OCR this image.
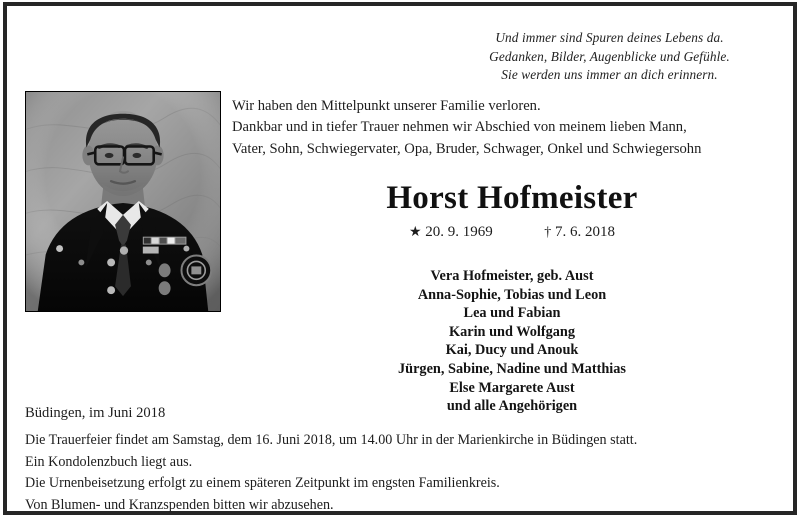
Und immer sind Spuren deines Lebens da.
Gedanken, Bilder, Augenblicke und Gefühle.
Sie werden uns immer an dich erinnern.
Wir haben den Mittelpunkt unserer Familie verloren.
Dankbar und in tiefer Trauer nehmen wir Abschied von meinem lieben Mann,
Vater, Sohn, Schwiegervater, Opa, Bruder, Schwager, Onkel und Schwiegersohn
Horst Hofmeister
★ 20. 9. 1969	† 7. 6. 2018
Vera Hofmeister, geb. Aust
Anna-Sophie, Tobias und Leon
Lea und Fabian
Karin und Wolfgang
Kai, Ducy und Anouk
Jürgen, Sabine, Nadine und Matthias
Else Margarete Aust
und alle Angehörigen
Büdingen, im Juni 2018
Die Trauerfeier findet am Samstag, dem 16. Juni 2018, um 14.00 Uhr in der Marienkirche in Büdingen statt.
Ein Kondolenzbuch liegt aus.
Die Urnenbeisetzung erfolgt zu einem späteren Zeitpunkt im engsten Familienkreis.
Von Blumen- und Kranzspenden bitten wir abzusehen.
